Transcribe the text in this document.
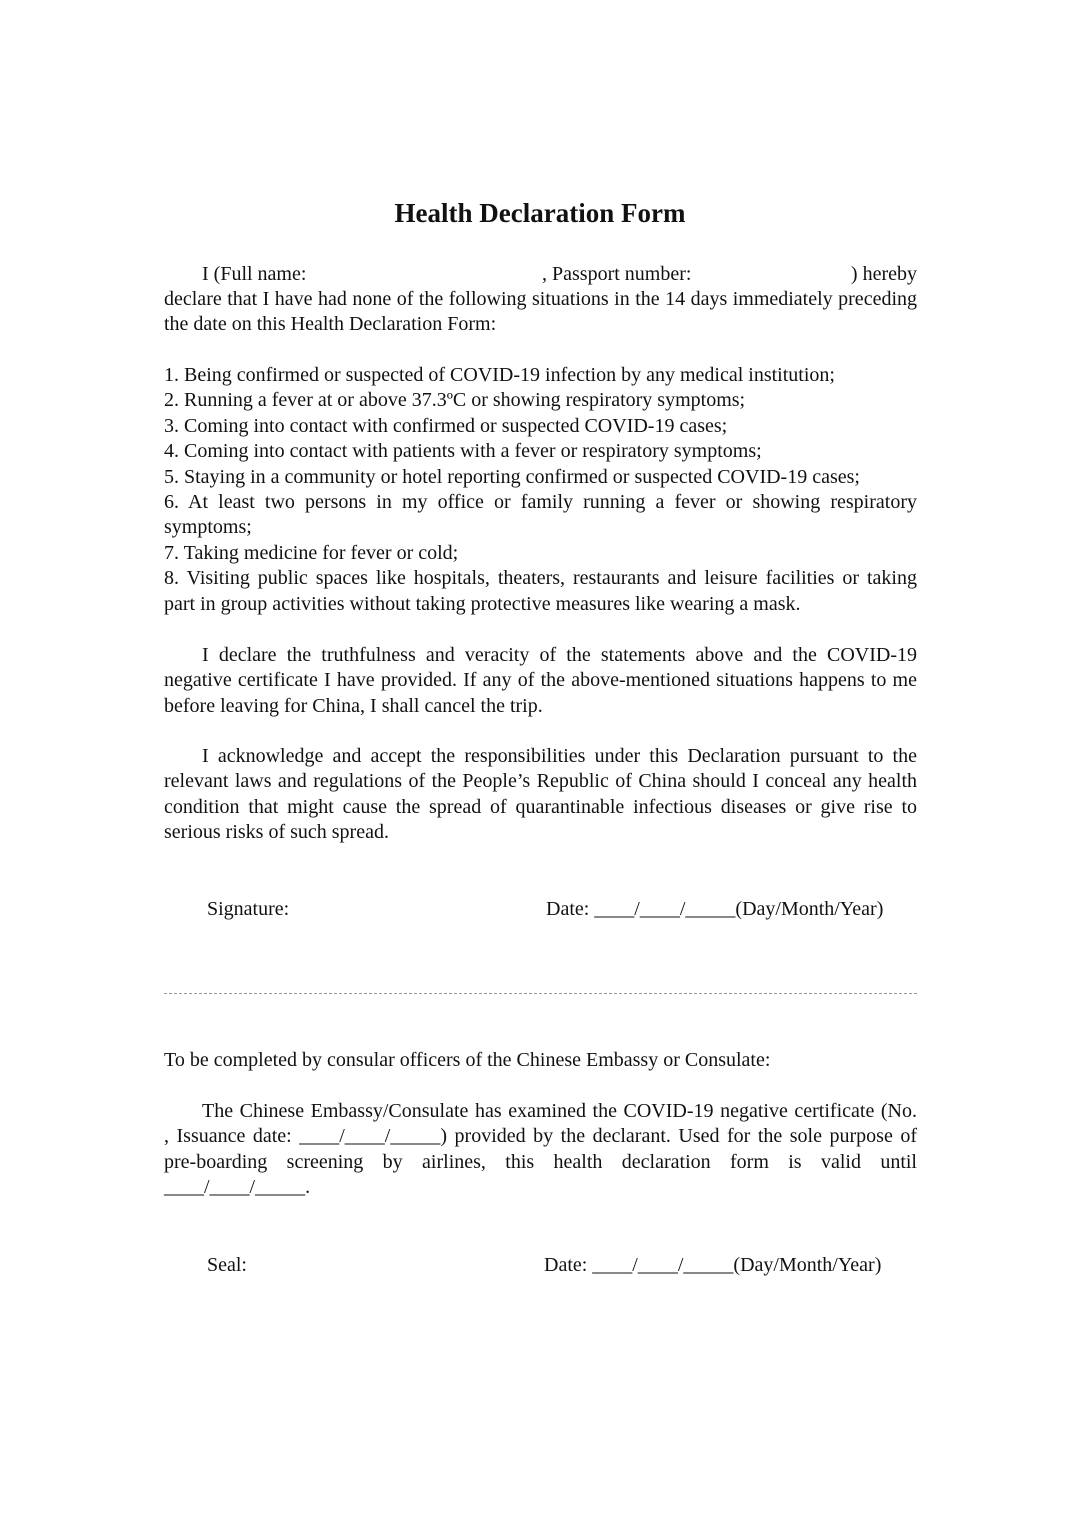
Health Declaration Form
I (Full name:	, Passport number:	) hereby

declare that I have had none of the following situations in the 14 days immediately preceding the date on this Health Declaration Form:

1. Being confirmed or suspected of COVID-19 infection by any medical institution;

2. Running a fever at or above 37.3ºC or showing respiratory symptoms;

3. Coming into contact with confirmed or suspected COVID-19 cases;

4. Coming into contact with patients with a fever or respiratory symptoms;

5. Staying in a community or hotel reporting confirmed or suspected COVID-19 cases;

6. At least two persons in my office or family running a fever or showing respiratory symptoms;

7. Taking medicine for fever or cold;

8. Visiting public spaces like hospitals, theaters, restaurants and leisure facilities or taking part in group activities without taking protective measures like wearing a mask.

I declare the truthfulness and veracity of the statements above and the COVID-19 negative certificate I have provided. If any of the above-mentioned situations happens to me before leaving for China, I shall cancel the trip.

I acknowledge and accept the responsibilities under this Declaration pursuant to the relevant laws and regulations of the People’s Republic of China should I conceal any health condition that might cause the spread of quarantinable infectious diseases or give rise to serious risks of such spread.

Signature:	Date: ____/____/_____(Day/Month/Year)

To be completed by consular officers of the Chinese Embassy or Consulate:

The Chinese Embassy/Consulate has examined the COVID-19 negative certificate (No.                  , Issuance date: ____/____/_____) provided by the declarant. Used for the sole purpose of pre-boarding screening by airlines, this health declaration form is valid until ____/____/_____.

Seal:	Date: ____/____/_____(Day/Month/Year)
